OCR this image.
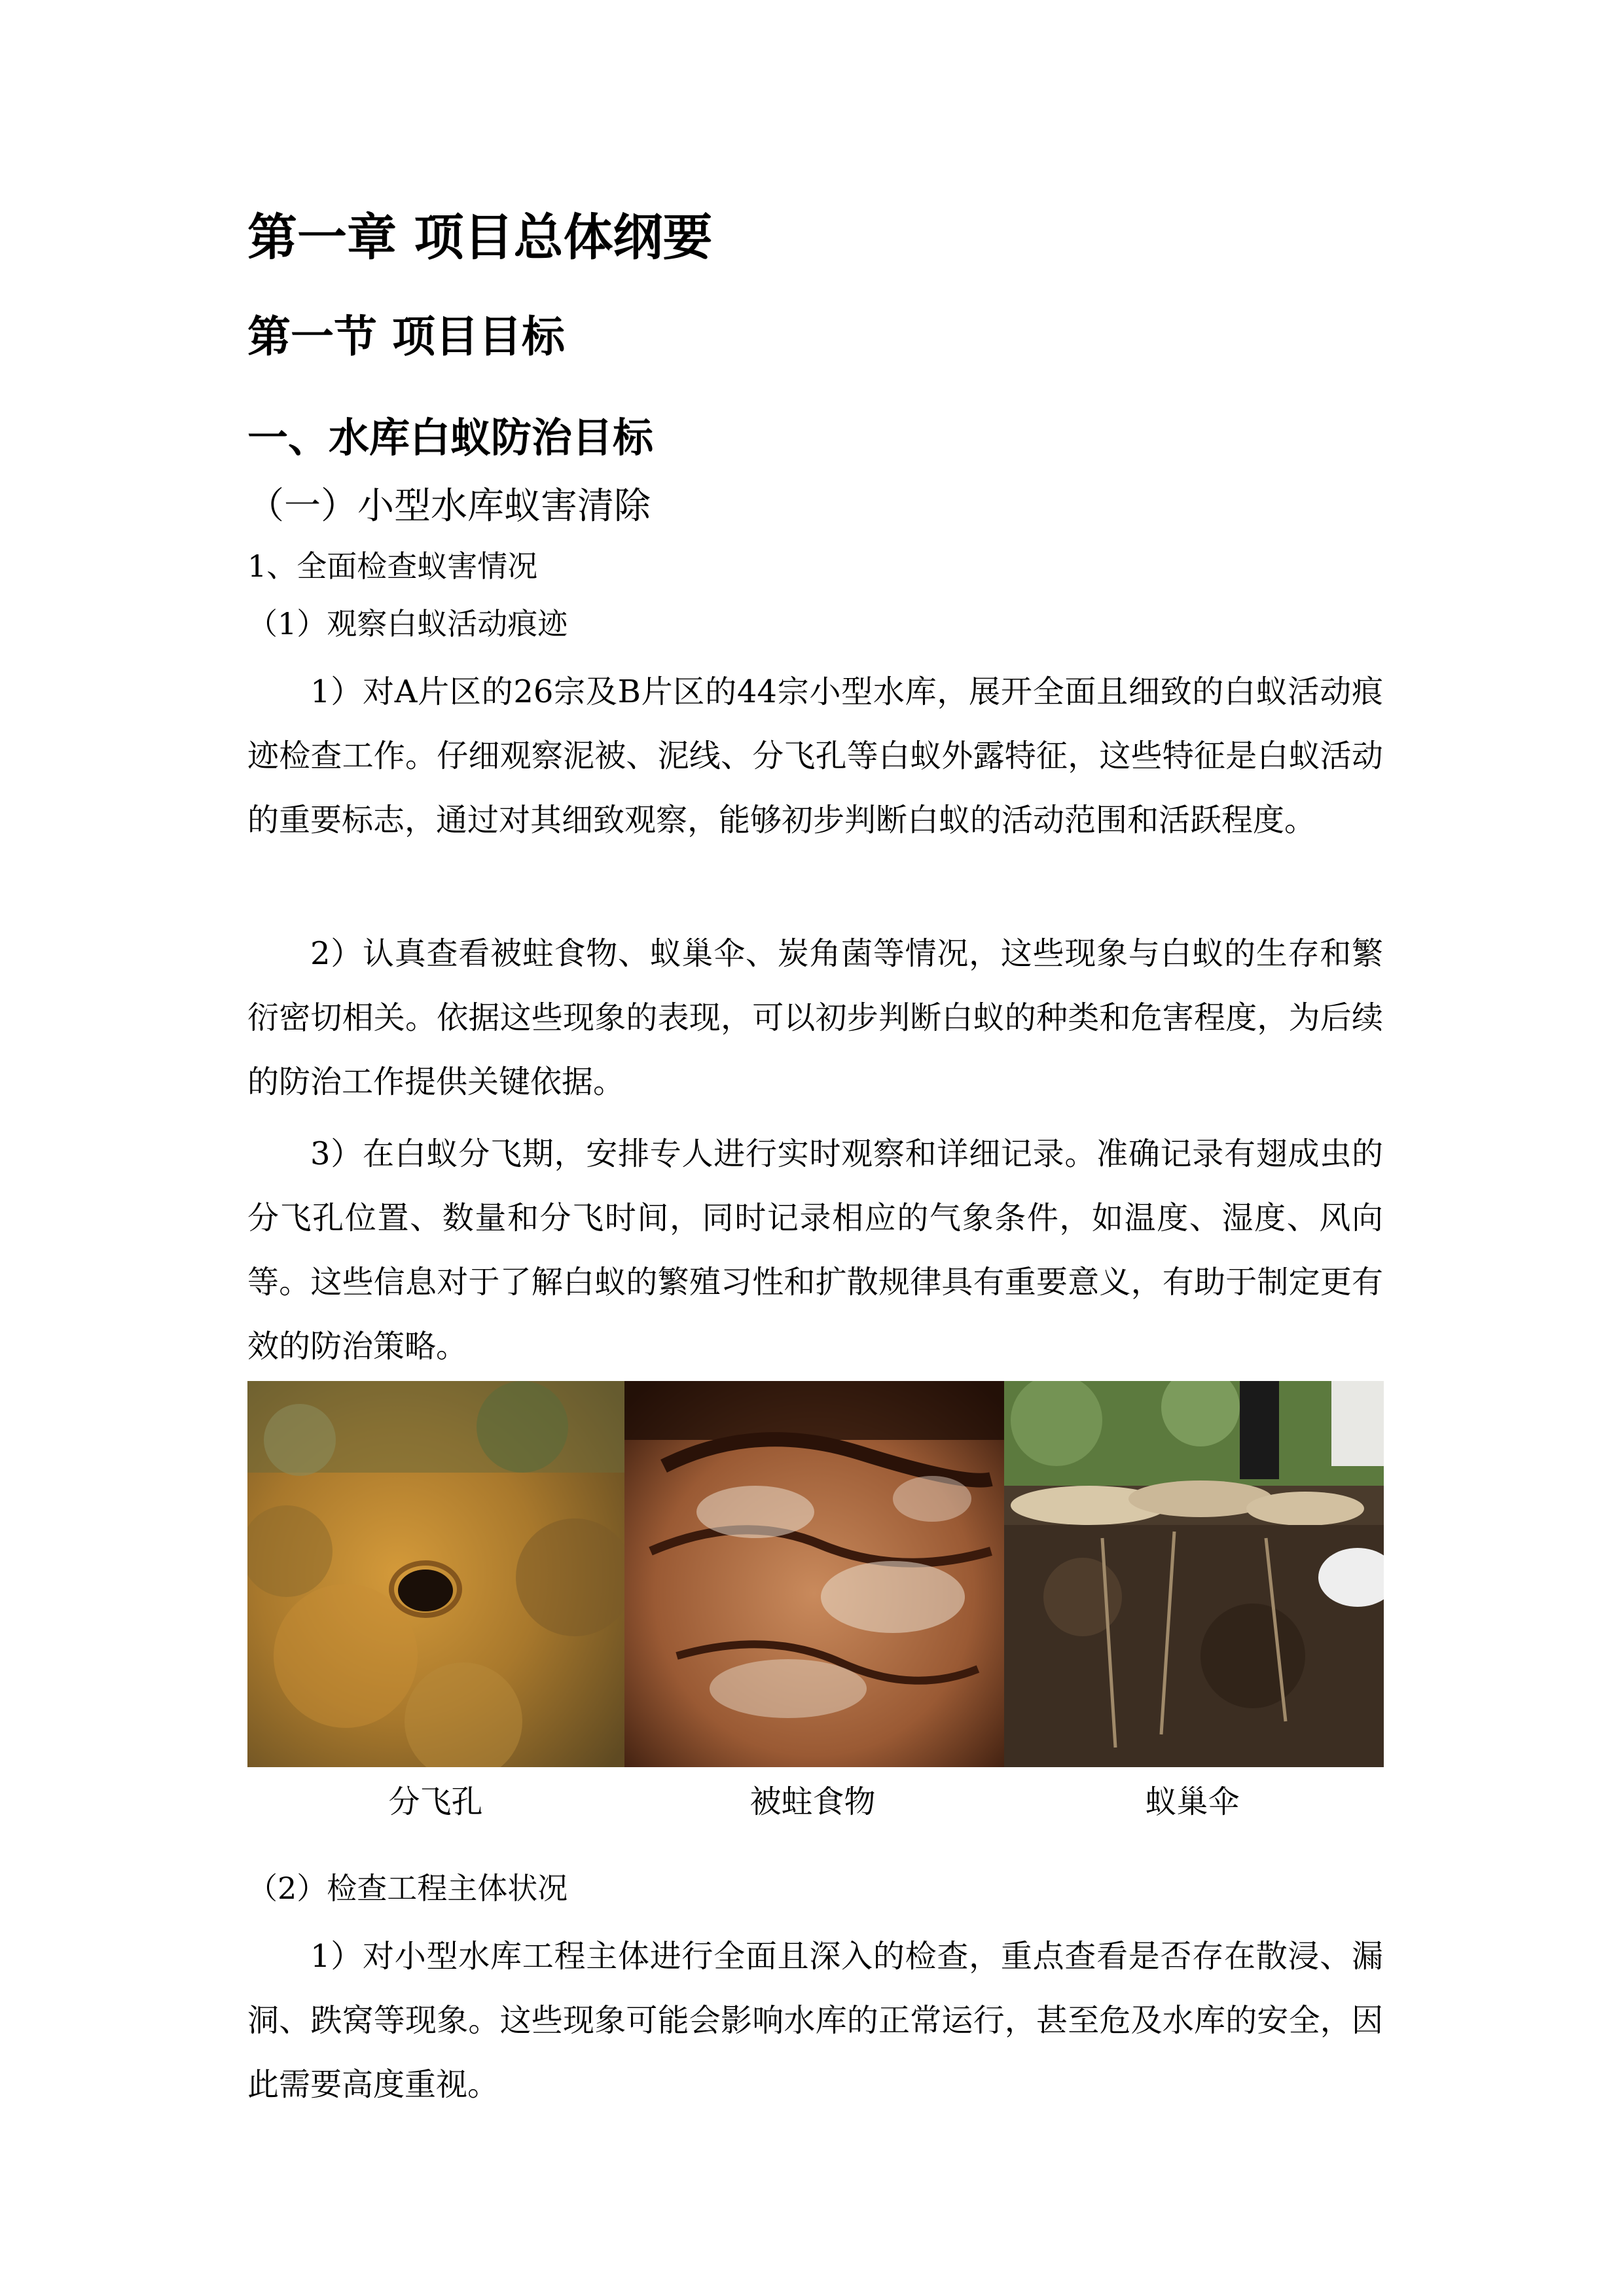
第一章 项目总体纲要
第一节 项目目标
一、水库白蚁防治目标
（一）小型水库蚁害清除
1、全面检查蚁害情况
（1）观察白蚁活动痕迹

1）对A片区的26宗及B片区的44宗小型水库，展开全面且细致的白蚁活动痕迹检查工作。仔细观察泥被、泥线、分飞孔等白蚁外露特征，这些特征是白蚁活动的重要标志，通过对其细致观察，能够初步判断白蚁的活动范围和活跃程度。

2）认真查看被蛀食物、蚁巢伞、炭角菌等情况，这些现象与白蚁的生存和繁衍密切相关。依据这些现象的表现，可以初步判断白蚁的种类和危害程度，为后续的防治工作提供关键依据。

3）在白蚁分飞期，安排专人进行实时观察和详细记录。准确记录有翅成虫的分飞孔位置、数量和分飞时间，同时记录相应的气象条件，如温度、湿度、风向等。这些信息对于了解白蚁的繁殖习性和扩散规律具有重要意义，有助于制定更有效的防治策略。

分飞孔	被蛀食物	蚁巢伞
（2）检查工程主体状况

1）对小型水库工程主体进行全面且深入的检查，重点查看是否存在散浸、漏洞、跌窝等现象。这些现象可能会影响水库的正常运行，甚至危及水库的安全，因此需要高度重视。
